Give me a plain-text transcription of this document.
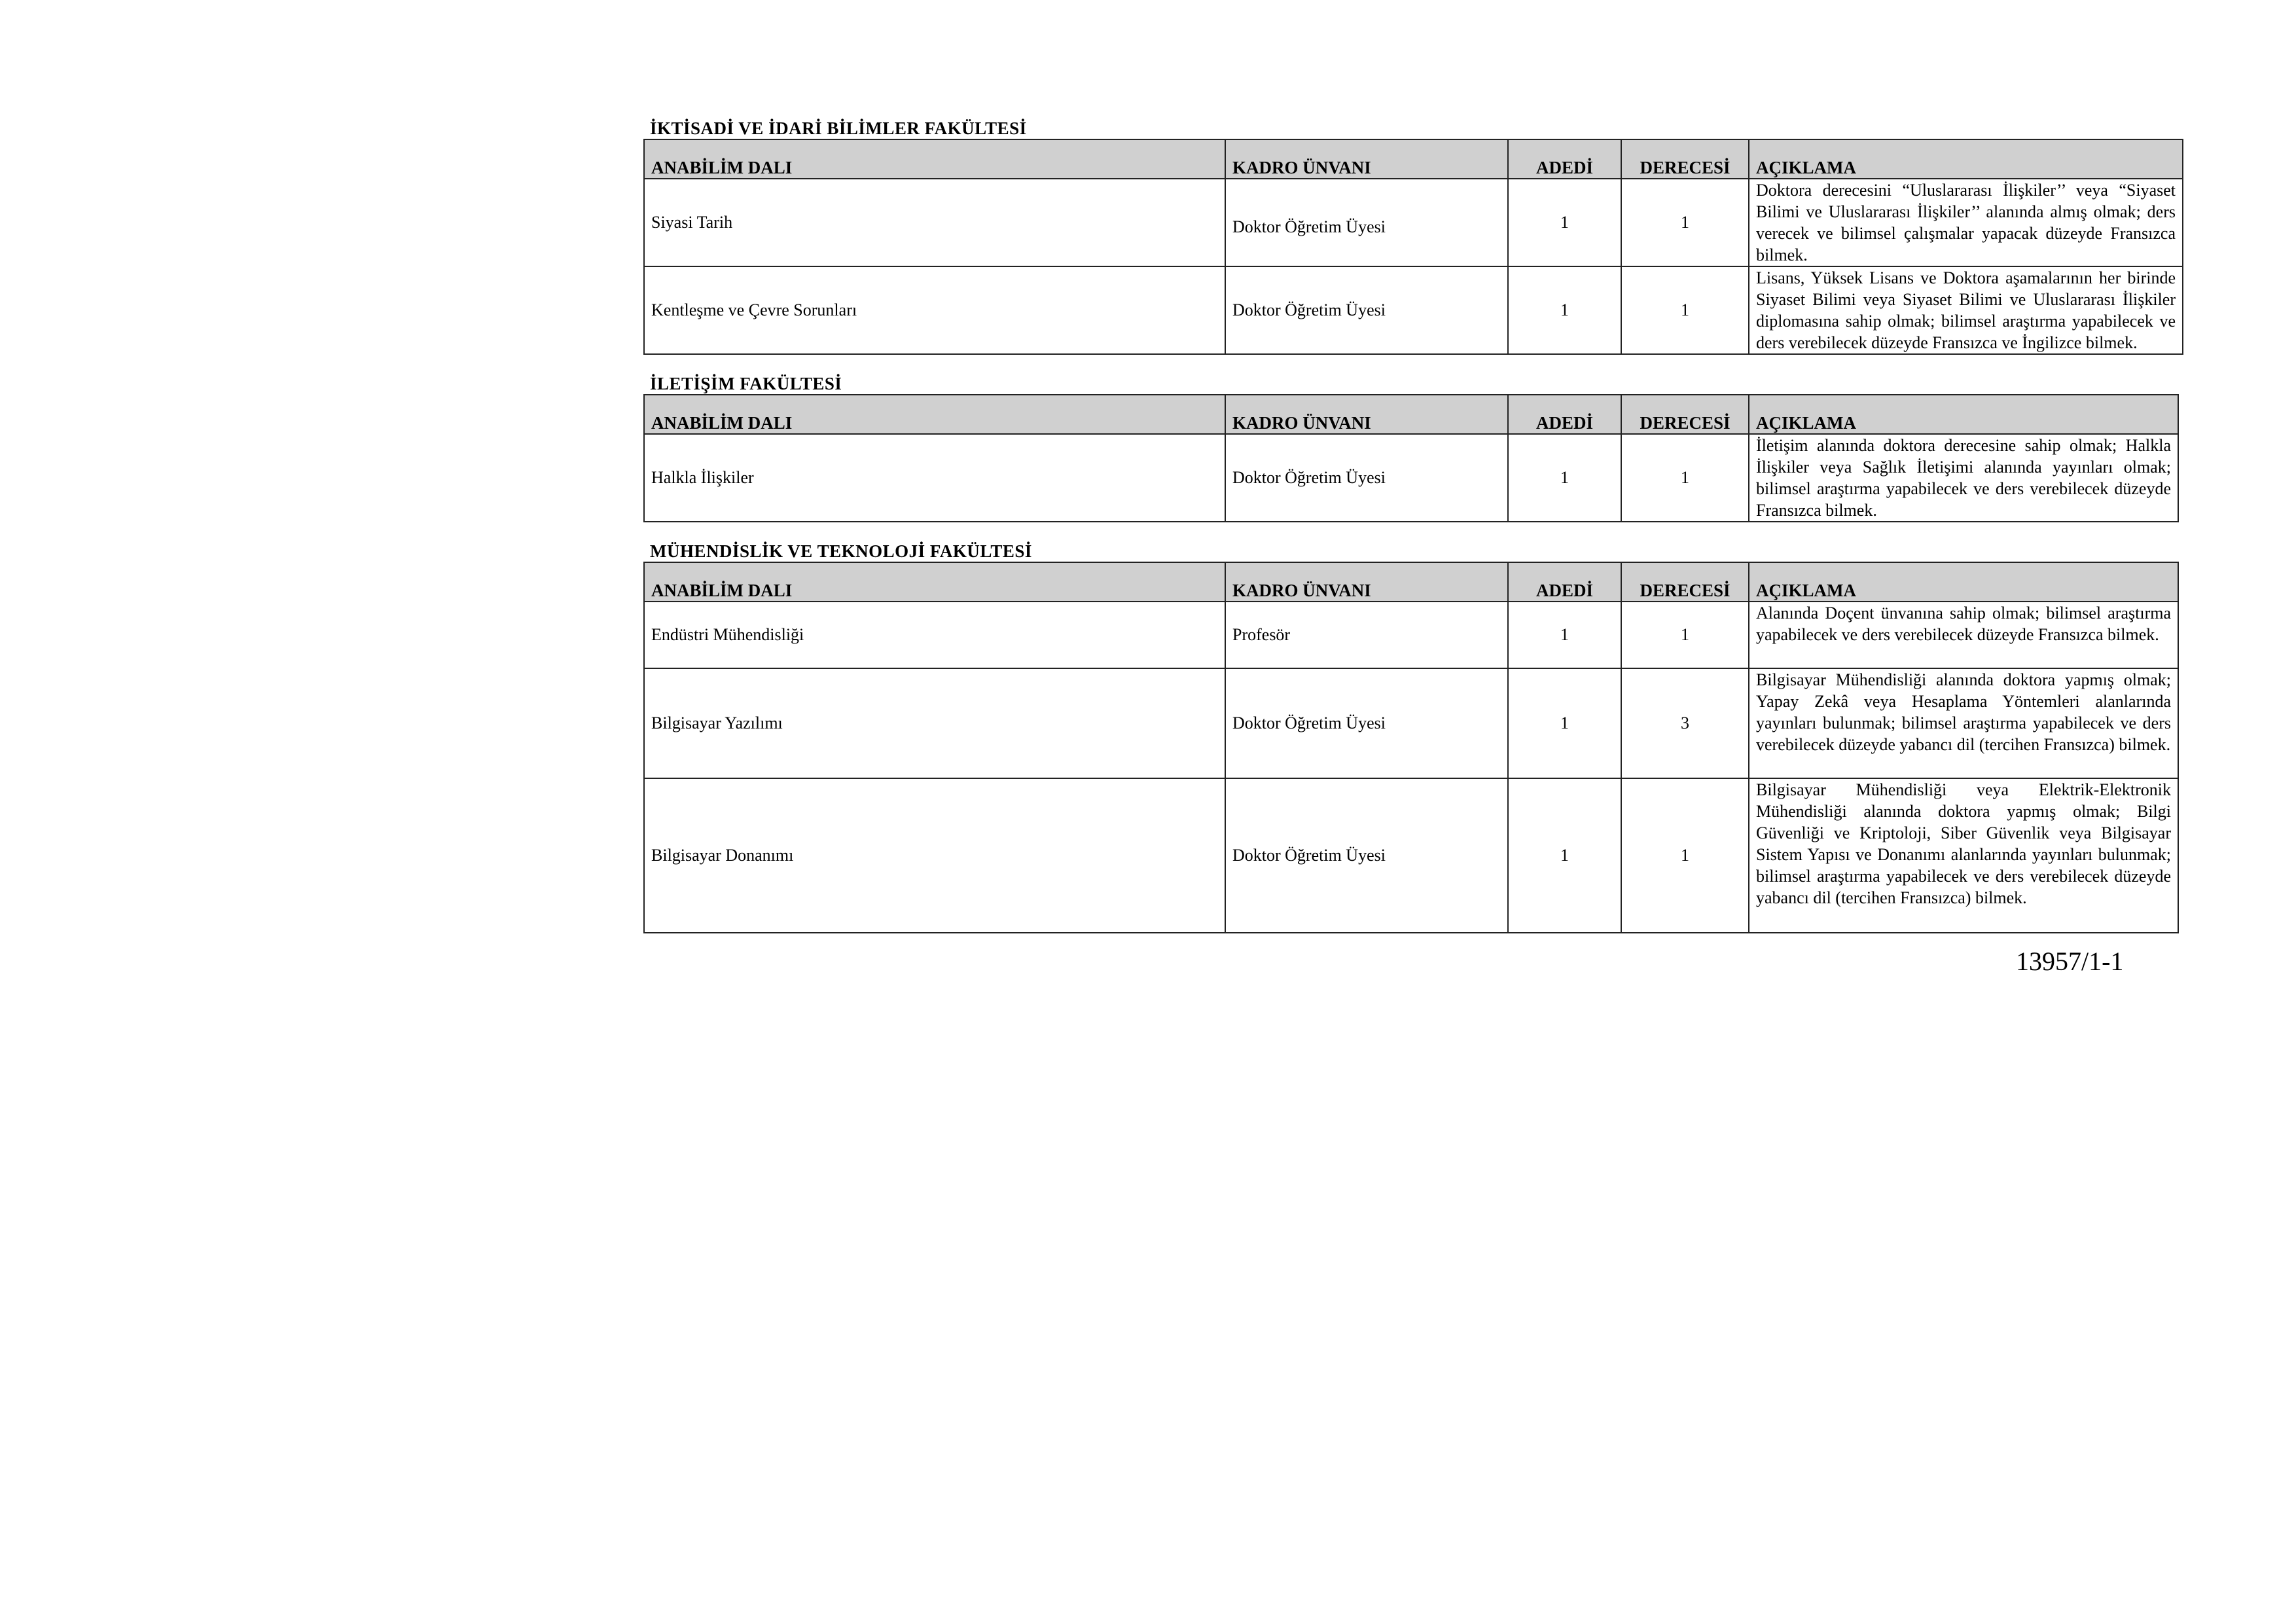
İKTİSADİ VE İDARİ BİLİMLER FAKÜLTESİ
ANABİLİM DALI	KADRO ÜNVANI	ADEDİ	DERECESİ	AÇIKLAMA
Siyasi Tarih	Doktor Öğretim Üyesi	1	1	Doktora derecesini “Uluslararası İlişkiler’’ veya “Siyaset Bilimi ve Uluslararası İlişkiler’’ alanında almış olmak; ders verecek ve bilimsel çalışmalar yapacak düzeyde Fransızca bilmek.
Kentleşme ve Çevre Sorunları	Doktor Öğretim Üyesi	1	1	Lisans, Yüksek Lisans ve Doktora aşamalarının her birinde Siyaset Bilimi veya Siyaset Bilimi ve Uluslararası İlişkiler diplomasına sahip olmak; bilimsel araştırma yapabilecek ve ders verebilecek düzeyde Fransızca ve İngilizce bilmek.
İLETİŞİM FAKÜLTESİ
ANABİLİM DALI	KADRO ÜNVANI	ADEDİ	DERECESİ	AÇIKLAMA
Halkla İlişkiler	Doktor Öğretim Üyesi	1	1	İletişim alanında doktora derecesine sahip olmak; Halkla İlişkiler veya Sağlık İletişimi alanında yayınları olmak; bilimsel araştırma yapabilecek ve ders verebilecek düzeyde Fransızca bilmek.
MÜHENDİSLİK VE TEKNOLOJİ FAKÜLTESİ
ANABİLİM DALI	KADRO ÜNVANI	ADEDİ	DERECESİ	AÇIKLAMA
Endüstri Mühendisliği	Profesör	1	1	Alanında Doçent ünvanına sahip olmak; bilimsel araştırma yapabilecek ve ders verebilecek düzeyde Fransızca bilmek.
Bilgisayar Yazılımı	Doktor Öğretim Üyesi	1	3	Bilgisayar Mühendisliği alanında doktora yapmış olmak; Yapay Zekâ veya Hesaplama Yöntemleri alanlarında yayınları bulunmak; bilimsel araştırma yapabilecek ve ders verebilecek düzeyde yabancı dil (tercihen Fransızca) bilmek.
Bilgisayar Donanımı	Doktor Öğretim Üyesi	1	1	Bilgisayar Mühendisliği veya Elektrik-Elektronik Mühendisliği alanında doktora yapmış olmak; Bilgi Güvenliği ve Kriptoloji, Siber Güvenlik veya Bilgisayar Sistem Yapısı ve Donanımı alanlarında yayınları bulunmak; bilimsel araştırma yapabilecek ve ders verebilecek düzeyde yabancı dil (tercihen Fransızca) bilmek.
13957/1-1
